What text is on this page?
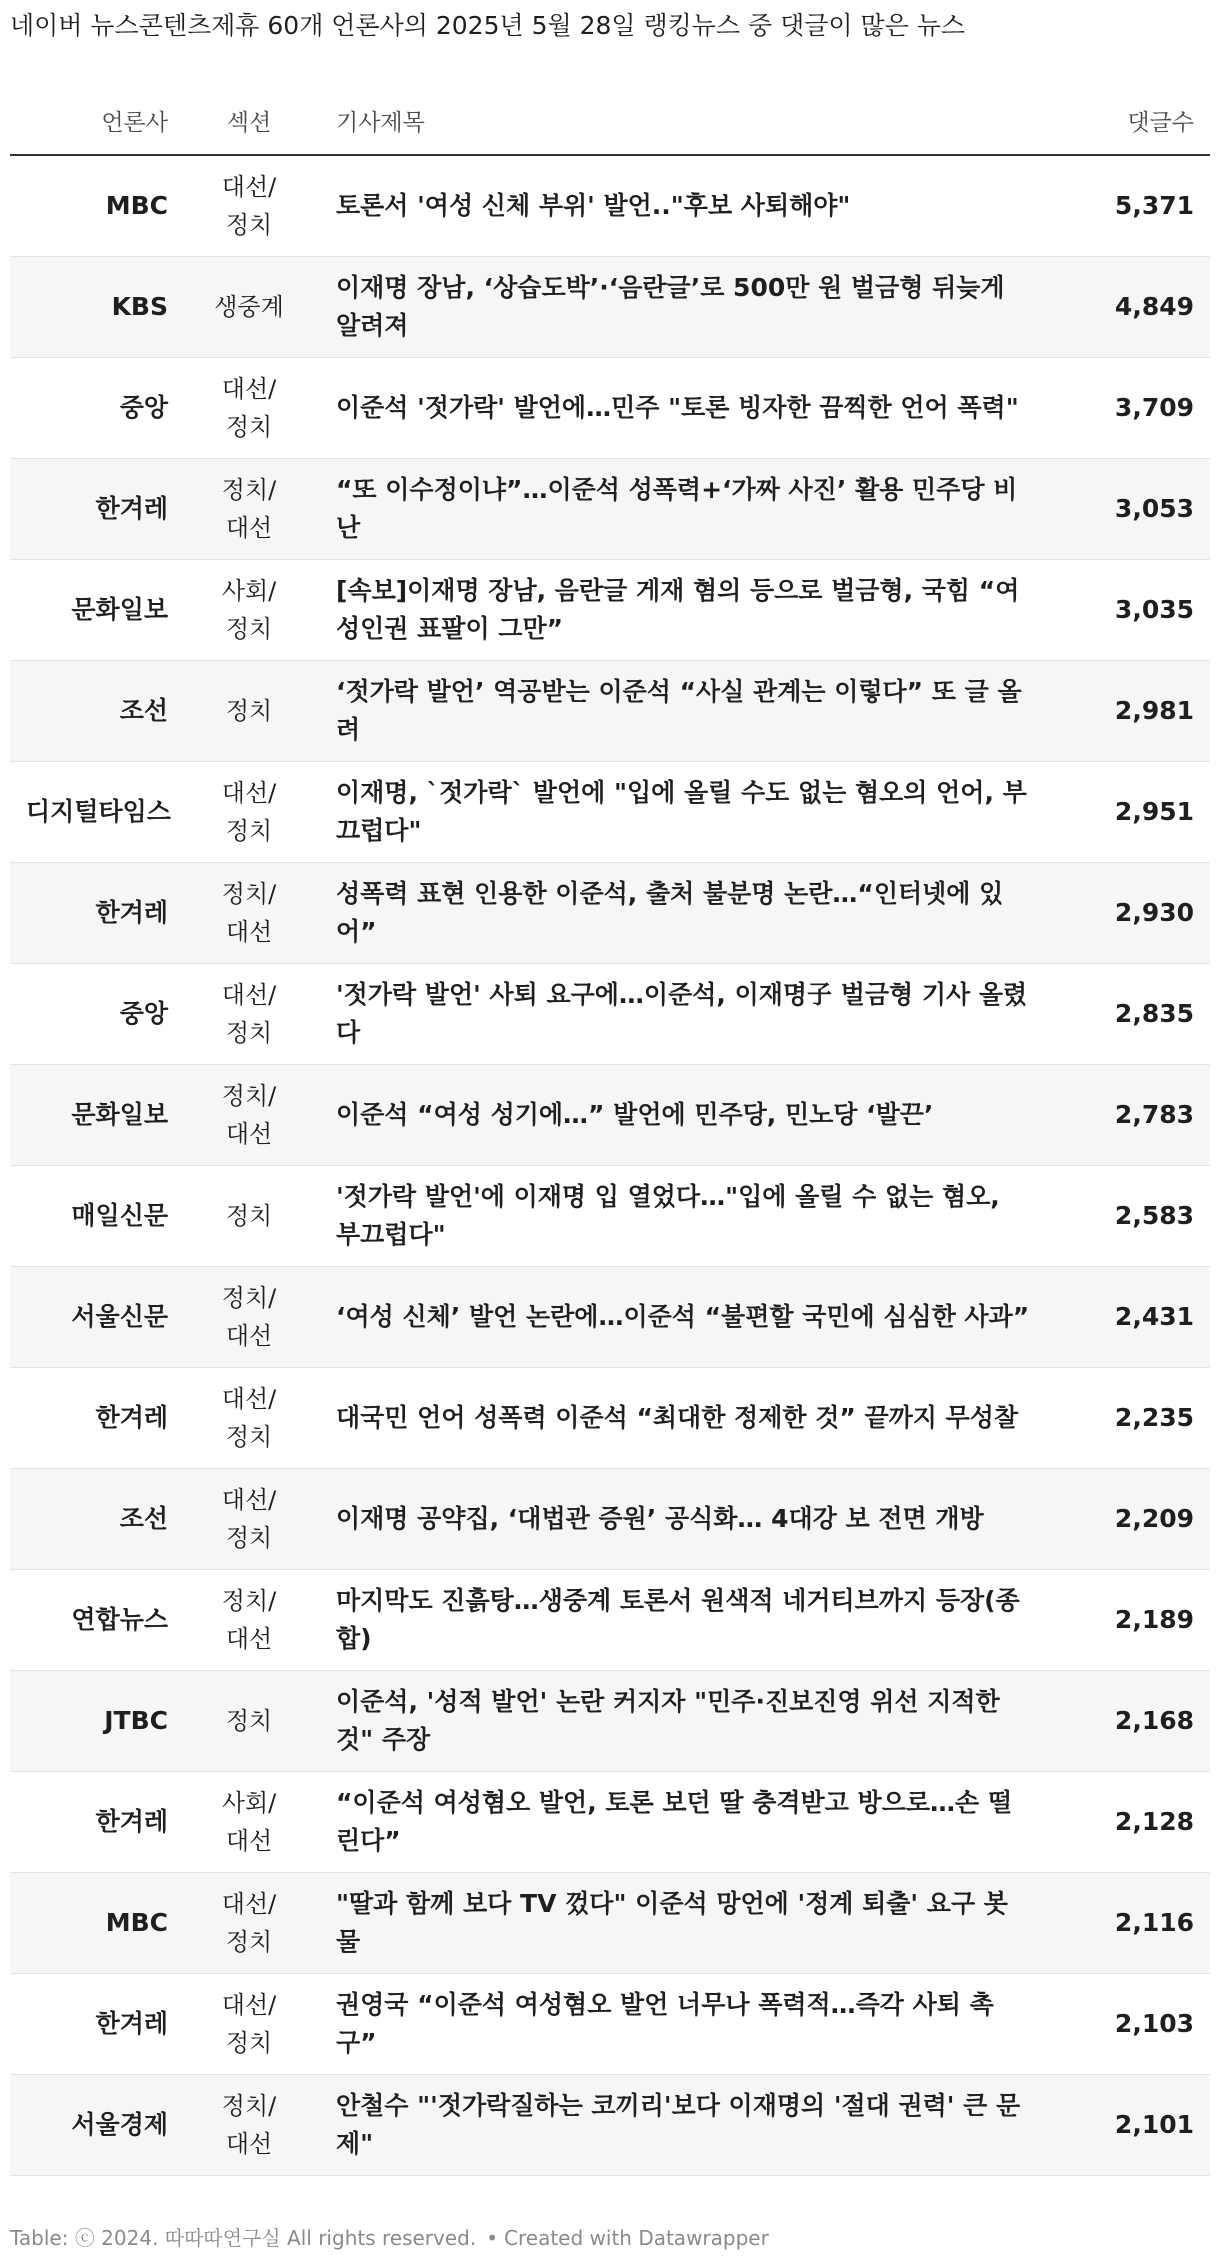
네이버 뉴스콘텐츠제휴 60개 언론사의 2025년 5월 28일 랭킹뉴스 중 댓글이 많은 뉴스
언론사	섹션	기사제목	댓글수
MBC	대선/정치	토론서 '여성 신체 부위' 발언.."후보 사퇴해야"	5,371
KBS	생중계	이재명 장남, ‘상습도박’·‘음란글’로 500만 원 벌금형 뒤늦게 알려져	4,849
중앙	대선/정치	이준석 '젓가락' 발언에…민주 "토론 빙자한 끔찍한 언어 폭력"	3,709
한겨레	정치/대선	“또 이수정이냐”…이준석 성폭력+‘가짜 사진’ 활용 민주당 비난	3,053
문화일보	사회/정치	[속보]이재명 장남, 음란글 게재 혐의 등으로 벌금형, 국힘 “여성인권 표팔이 그만”	3,035
조선	정치	‘젓가락 발언’ 역공받는 이준석 “사실 관계는 이렇다” 또 글 올려	2,981
디지털타임스	대선/정치	이재명, `젓가락` 발언에 "입에 올릴 수도 없는 혐오의 언어, 부끄럽다"	2,951
한겨레	정치/대선	성폭력 표현 인용한 이준석, 출처 불분명 논란…“인터넷에 있어”	2,930
중앙	대선/정치	'젓가락 발언' 사퇴 요구에…이준석, 이재명子 벌금형 기사 올렸다	2,835
문화일보	정치/대선	이준석 “여성 성기에…” 발언에 민주당, 민노당 ‘발끈’	2,783
매일신문	정치	'젓가락 발언'에 이재명 입 열었다…"입에 올릴 수 없는 혐오, 부끄럽다"	2,583
서울신문	정치/대선	‘여성 신체’ 발언 논란에…이준석 “불편할 국민에 심심한 사과”	2,431
한겨레	대선/정치	대국민 언어 성폭력 이준석 “최대한 정제한 것” 끝까지 무성찰	2,235
조선	대선/정치	이재명 공약집, ‘대법관 증원’ 공식화… 4대강 보 전면 개방	2,209
연합뉴스	정치/대선	마지막도 진흙탕…생중계 토론서 원색적 네거티브까지 등장(종합)	2,189
JTBC	정치	이준석, '성적 발언' 논란 커지자 "민주·진보진영 위선 지적한 것" 주장	2,168
한겨레	사회/대선	“이준석 여성혐오 발언, 토론 보던 딸 충격받고 방으로…손 떨린다”	2,128
MBC	대선/정치	"딸과 함께 보다 TV 껐다" 이준석 망언에 '정계 퇴출' 요구 봇물	2,116
한겨레	대선/정치	권영국 “이준석 여성혐오 발언 너무나 폭력적…즉각 사퇴 촉구”	2,103
서울경제	정치/대선	안철수 "'젓가락질하는 코끼리'보다 이재명의 '절대 권력' 큰 문제"	2,101
Table: ⓒ 2024. 따따따연구실 All rights reserved. • Created with Datawrapper
